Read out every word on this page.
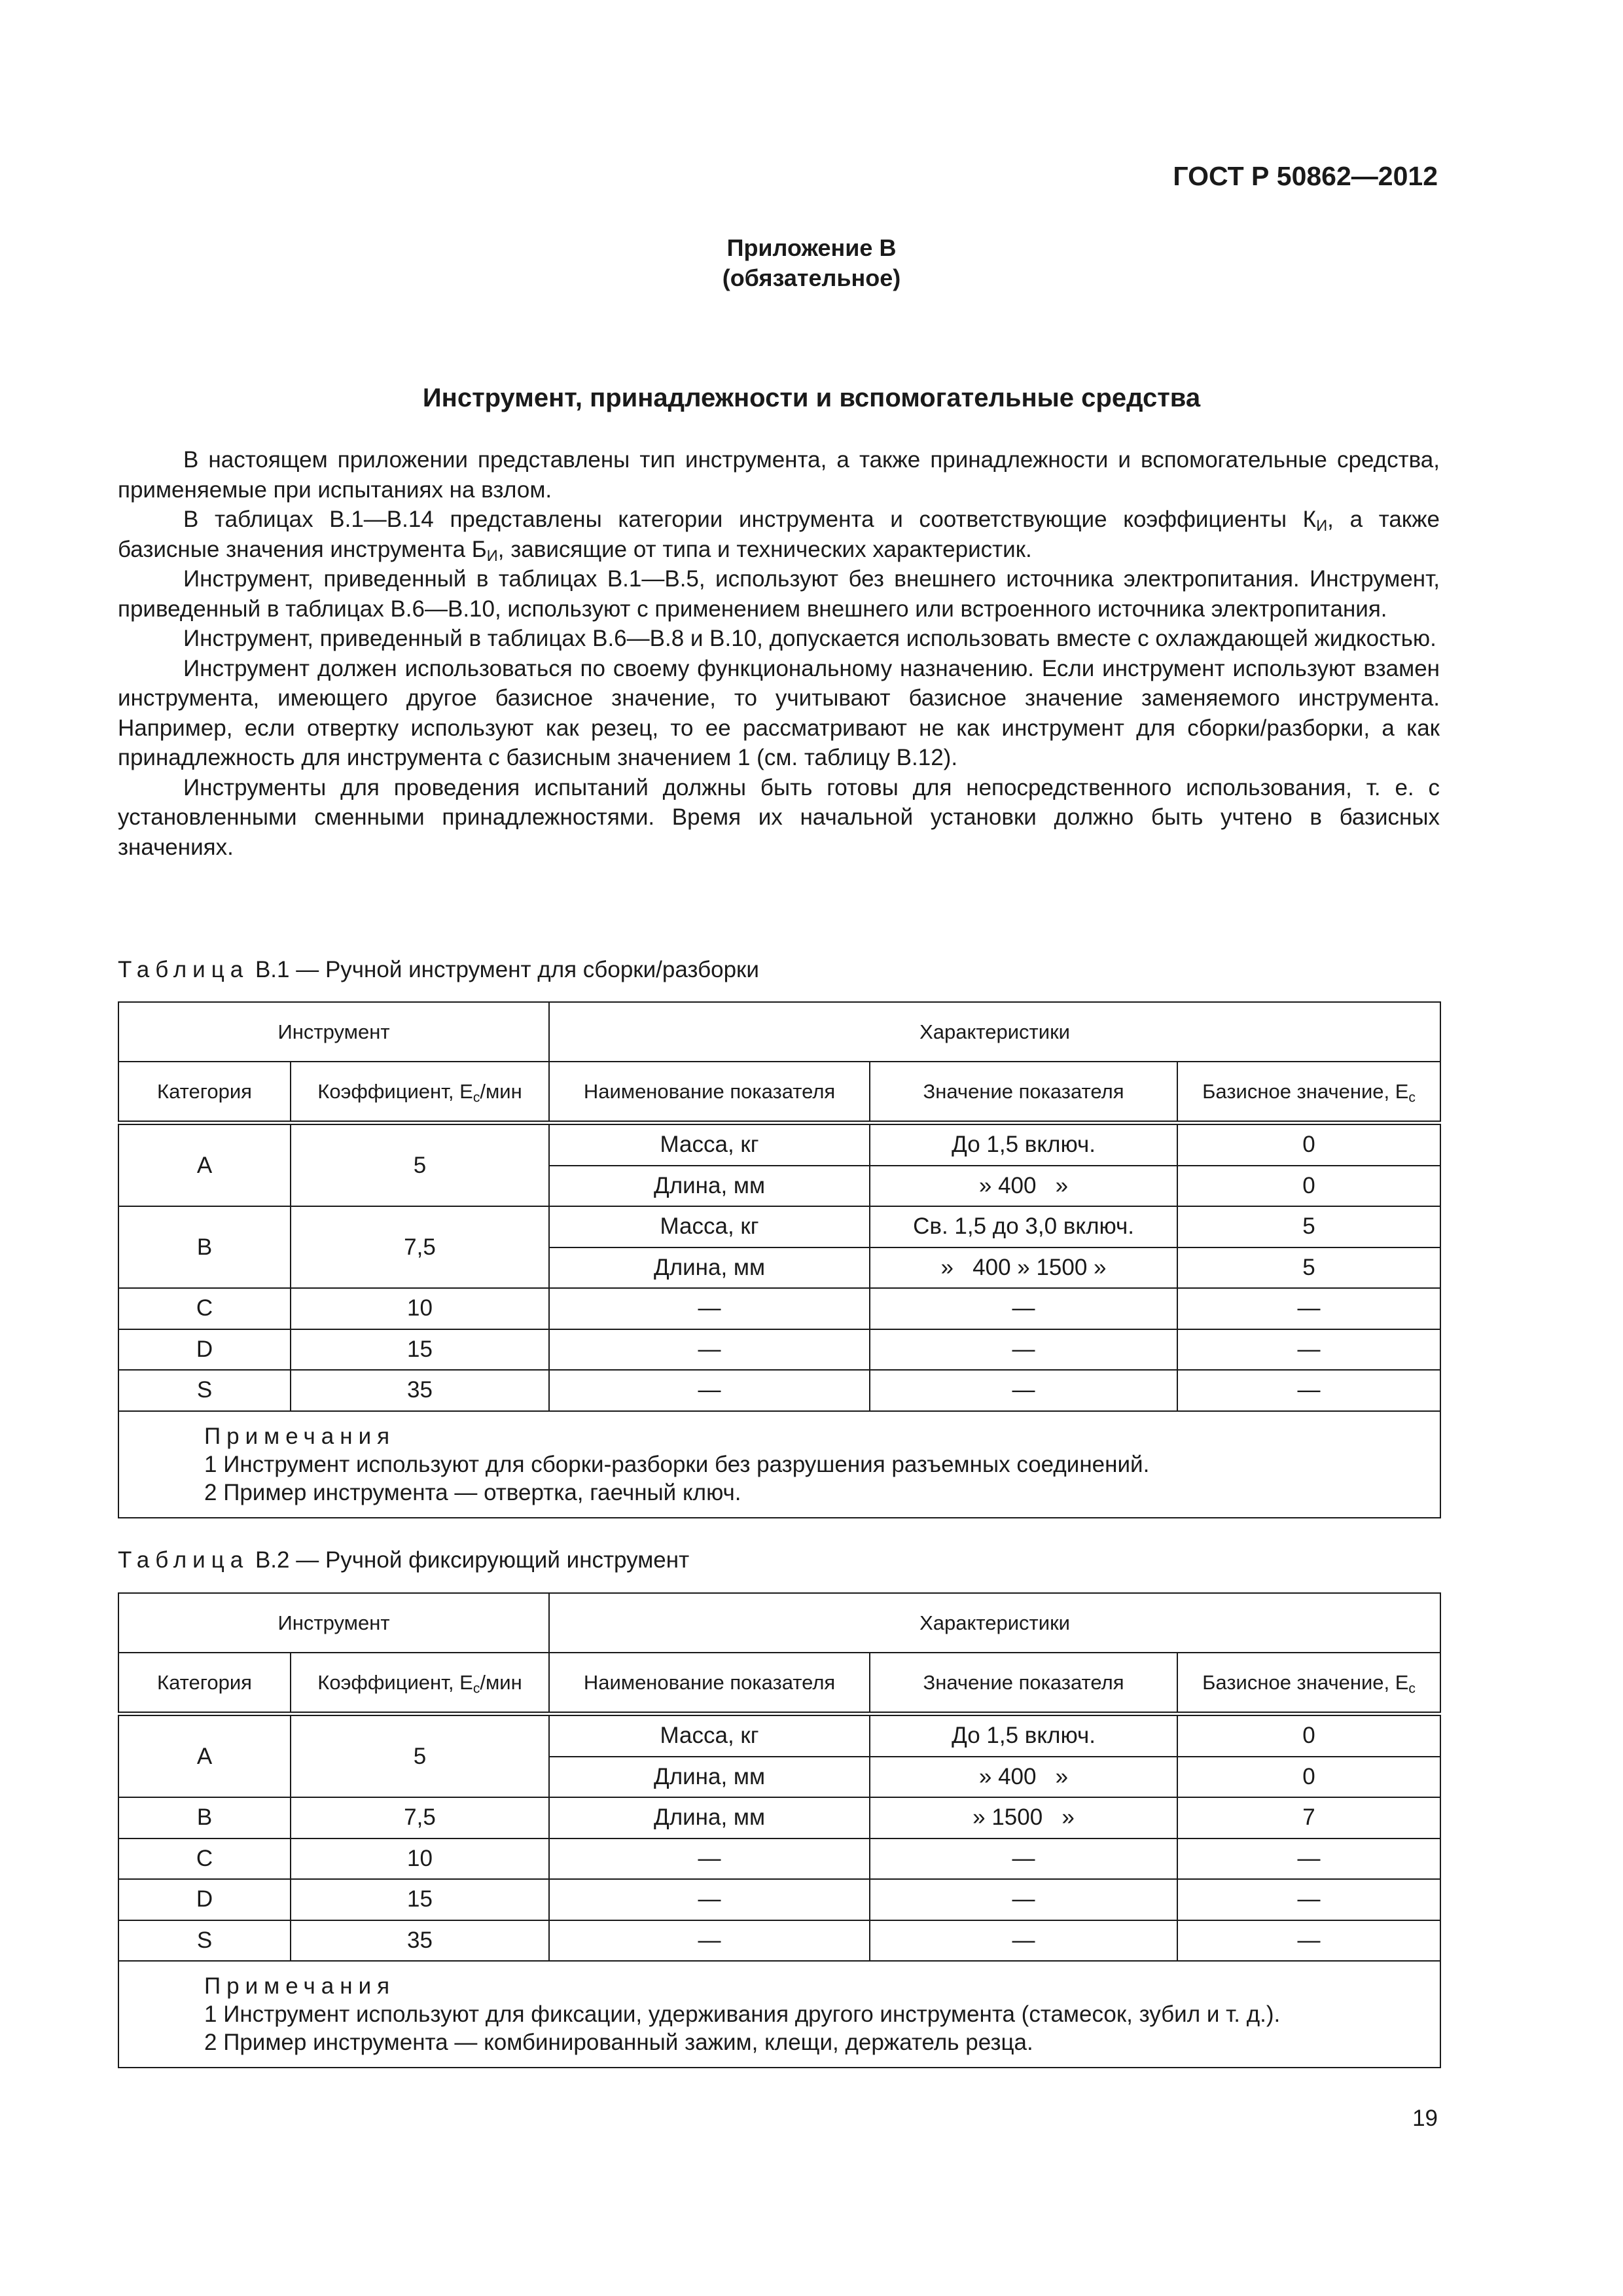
ГОСТ Р 50862—2012
Приложение В
(обязательное)
Инструмент, принадлежности и вспомогательные средства

В настоящем приложении представлены тип инструмента, а также принадлежности и вспомогательные средства, применяемые при испытаниях на взлом.

В таблицах В.1—В.14 представлены категории инструмента и соответствующие коэффициенты $К_И$, а также базисные значения инструмента $Б_И$, зависящие от типа и технических характеристик.

Инструмент, приведенный в таблицах В.1—В.5, используют без внешнего источника электропитания. Инструмент, приведенный в таблицах В.6—В.10, используют с применением внешнего или встроенного источника электропитания.

Инструмент, приведенный в таблицах В.6—В.8 и В.10, допускается использовать вместе с охлаждающей жидкостью.

Инструмент должен использоваться по своему функциональному назначению. Если инструмент используют взамен инструмента, имеющего другое базисное значение, то учитывают базисное значение заменяемого инструмента. Например, если отвертку используют как резец, то ее рассматривают не как инструмент для сборки/разборки, а как принадлежность для инструмента с базисным значением 1 (см. таблицу В.12).

Инструменты для проведения испытаний должны быть готовы для непосредственного использования, т. е. с установленными сменными принадлежностями. Время их начальной установки должно быть учтено в базисных значениях.

Таблица В.1 — Ручной инструмент для сборки/разборки
Инструмент		Характеристики		
Категория	Коэффициент, $Е_с$/мин	Наименование показателя	Значение показателя	Базисное значение, $Е_с$
А	5	Масса, кг	До 1,5 включ.	0
		Длина, мм	» 400   »	0
В	7,5	Масса, кг	Св. 1,5 до 3,0 включ.	5
		Длина, мм	»   400 » 1500 »	5
С	10	—	—	—
D	15	—	—	—
S	35	—	—	—

Примечания
1 Инструмент используют для сборки-разборки без разрушения разъемных соединений.
2 Пример инструмента — отвертка, гаечный ключ.				
Таблица В.2 — Ручной фиксирующий инструмент
Инструмент		Характеристики		
Категория	Коэффициент, $Е_с$/мин	Наименование показателя	Значение показателя	Базисное значение, $Е_с$
А	5	Масса, кг	До 1,5 включ.	0
		Длина, мм	» 400   »	0
В	7,5	Длина, мм	» 1500   »	7
С	10	—	—	—
D	15	—	—	—
S	35	—	—	—

Примечания
1 Инструмент используют для фиксации, удерживания другого инструмента (стамесок, зубил и т. д.).
2 Пример инструмента — комбинированный зажим, клещи, держатель резца.				
19
